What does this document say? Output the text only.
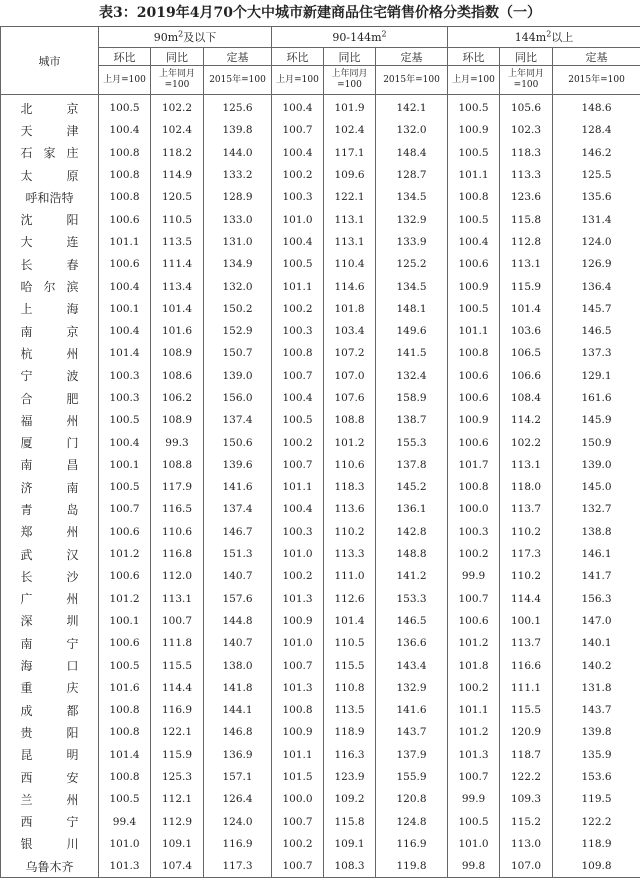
表3：2019年4月70个大中城市新建商品住宅销售价格分类指数（一）
城市	$90m^2$及以下			$90-144m^2$			$144m^2$以上		
	环比	同比	定基	环比	同比	定基	环比	同比	定基
	上月=100	上年同月=100	2015年=100	上月=100	上年同月=100	2015年=100	上月=100	上年同月=100	2015年=100
北京	100.5	102.2	125.6	100.4	101.9	142.1	100.5	105.6	148.6
天津	100.4	102.4	139.8	100.7	102.4	132.0	100.9	102.3	128.4
石家庄	100.8	118.2	144.0	100.4	117.1	148.4	100.5	118.3	146.2
太原	100.8	114.9	133.2	100.2	109.6	128.7	101.1	113.3	125.5
呼和浩特	100.8	120.5	128.9	100.3	122.1	134.5	100.8	123.6	135.6
沈阳	100.6	110.5	133.0	101.0	113.1	132.9	100.5	115.8	131.4
大连	101.1	113.5	131.0	100.4	113.1	133.9	100.4	112.8	124.0
长春	100.6	111.4	134.9	100.5	110.4	125.2	100.6	113.1	126.9
哈尔滨	100.4	113.4	132.0	101.1	114.6	134.5	100.9	115.9	136.4
上海	100.1	101.4	150.2	100.2	101.8	148.1	100.5	101.4	145.7
南京	100.4	101.6	152.9	100.3	103.4	149.6	101.1	103.6	146.5
杭州	101.4	108.9	150.7	100.8	107.2	141.5	100.8	106.5	137.3
宁波	100.3	108.6	139.0	100.7	107.0	132.4	100.6	106.6	129.1
合肥	100.3	106.2	156.0	100.4	107.6	158.9	100.6	108.4	161.6
福州	100.5	108.9	137.4	100.5	108.8	138.7	100.9	114.2	145.9
厦门	100.4	99.3	150.6	100.2	101.2	155.3	100.6	102.2	150.9
南昌	100.1	108.8	139.6	100.7	110.6	137.8	101.7	113.1	139.0
济南	100.5	117.9	141.6	101.1	118.3	145.2	100.8	118.0	145.0
青岛	100.7	116.5	137.4	100.4	113.6	136.1	100.0	113.7	132.7
郑州	100.6	110.6	146.7	100.3	110.2	142.8	100.3	110.2	138.8
武汉	101.2	116.8	151.3	101.0	113.3	148.8	100.2	117.3	146.1
长沙	100.6	112.0	140.7	100.2	111.0	141.2	99.9	110.2	141.7
广州	101.2	113.1	157.6	101.3	112.6	153.3	100.7	114.4	156.3
深圳	100.1	100.7	144.8	100.9	101.4	146.5	100.6	100.1	147.0
南宁	100.6	111.8	140.7	101.0	110.5	136.6	101.2	113.7	140.1
海口	100.5	115.5	138.0	100.7	115.5	143.4	101.8	116.6	140.2
重庆	101.6	114.4	141.8	101.3	110.8	132.9	100.2	111.1	131.8
成都	100.8	116.9	144.1	100.8	113.5	141.6	101.1	115.5	143.7
贵阳	100.8	122.1	146.8	100.9	118.9	143.7	101.2	120.9	139.8
昆明	101.4	115.9	136.9	101.1	116.3	137.9	101.3	118.7	135.9
西安	100.8	125.3	157.1	101.5	123.9	155.9	100.7	122.2	153.6
兰州	100.5	112.1	126.4	100.0	109.2	120.8	99.9	109.3	119.5
西宁	99.4	112.9	124.0	100.7	115.8	124.8	100.5	115.2	122.2
银川	101.0	109.1	116.9	100.2	109.1	116.9	101.0	113.0	118.9
乌鲁木齐	101.3	107.4	117.3	100.7	108.3	119.8	99.8	107.0	109.8
